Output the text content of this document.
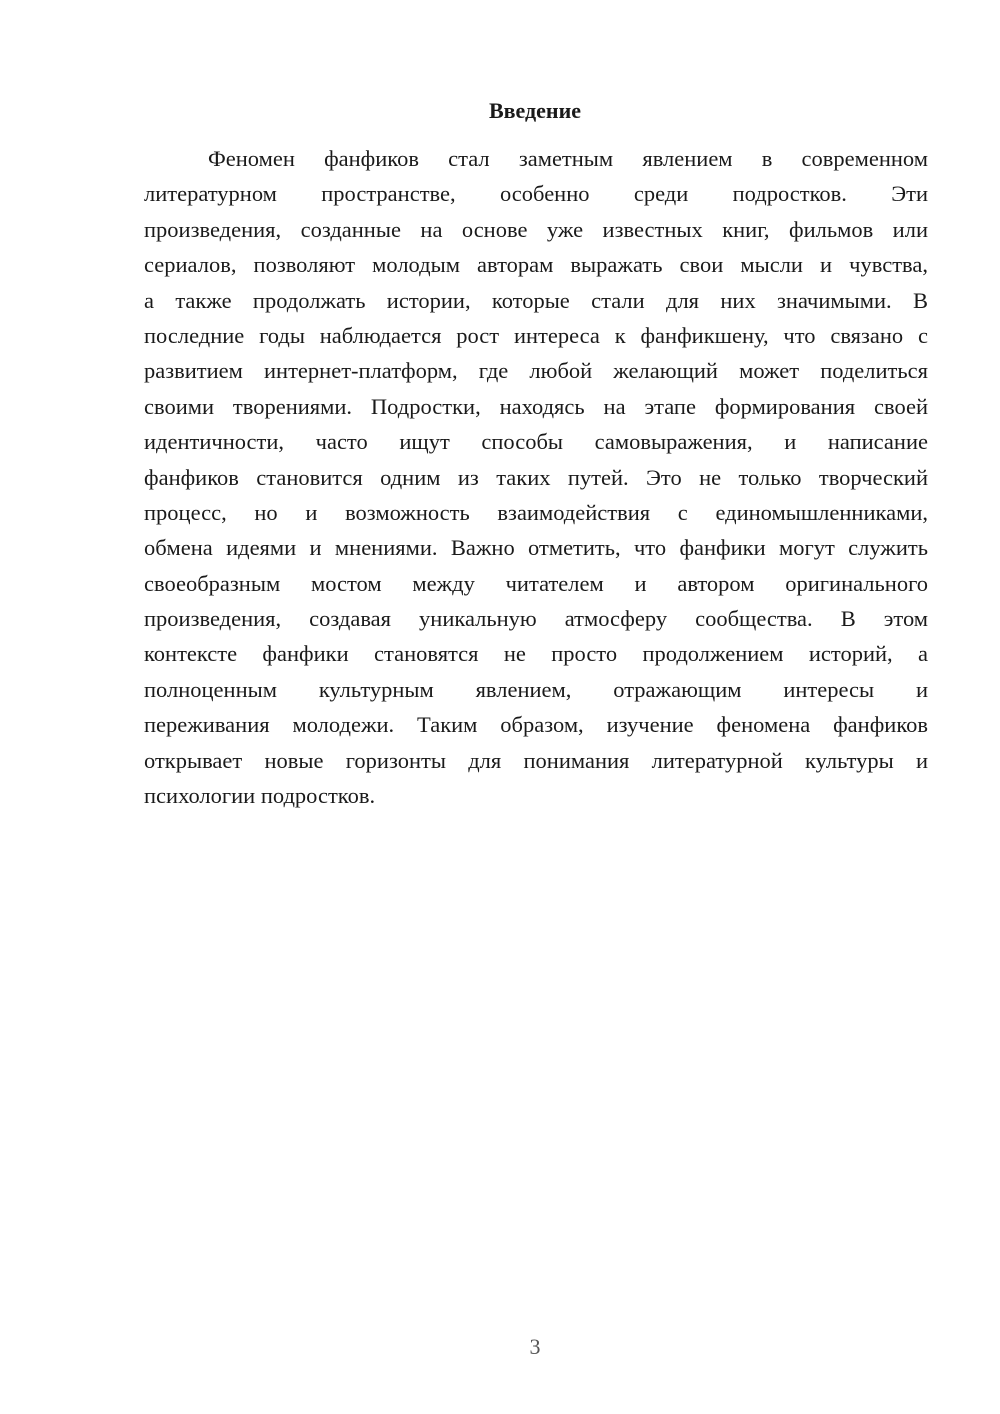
Введение
Феномен фанфиков стал заметным явлением в современном
литературном пространстве, особенно среди подростков. Эти
произведения, созданные на основе уже известных книг, фильмов или
сериалов, позволяют молодым авторам выражать свои мысли и чувства,
а также продолжать истории, которые стали для них значимыми. В
последние годы наблюдается рост интереса к фанфикшену, что связано с
развитием интернет-платформ, где любой желающий может поделиться
своими творениями. Подростки, находясь на этапе формирования своей
идентичности, часто ищут способы самовыражения, и написание
фанфиков становится одним из таких путей. Это не только творческий
процесс, но и возможность взаимодействия с единомышленниками,
обмена идеями и мнениями. Важно отметить, что фанфики могут служить
своеобразным мостом между читателем и автором оригинального
произведения, создавая уникальную атмосферу сообщества. В этом
контексте фанфики становятся не просто продолжением историй, а
полноценным культурным явлением, отражающим интересы и
переживания молодежи. Таким образом, изучение феномена фанфиков
открывает новые горизонты для понимания литературной культуры и
психологии подростков.
3
